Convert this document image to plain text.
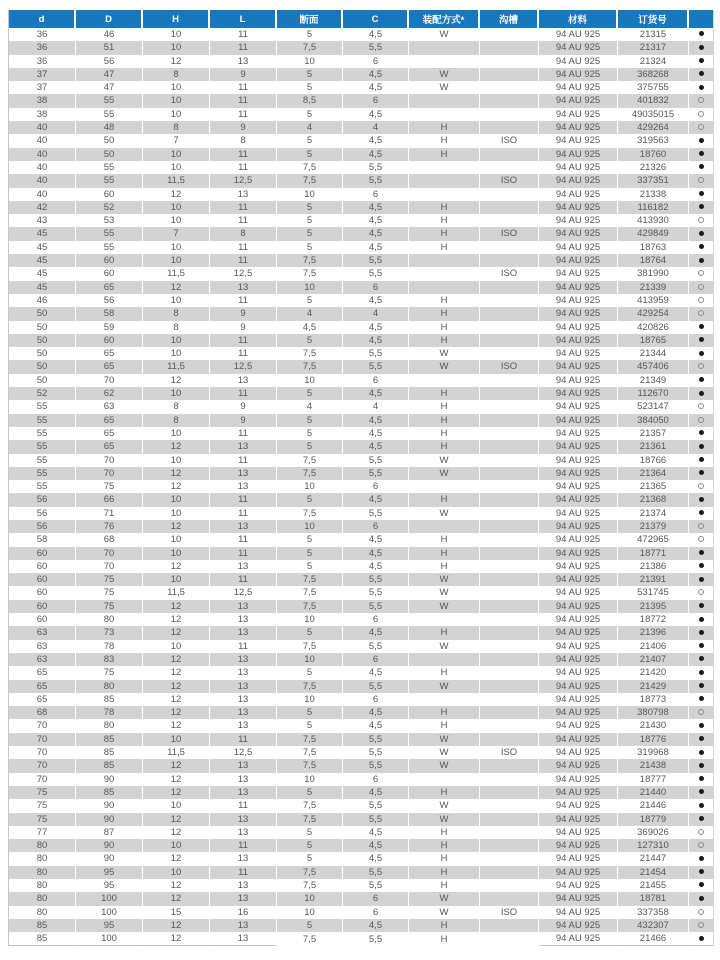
d	D	H	L	断面	C	装配方式*	沟槽	材料	订货号	
36	46	10	11	5	4,5	W		94 AU 925	21315	
36	51	10	11	7,5	5,5			94 AU 925	21317	
36	56	12	13	10	6			94 AU 925	21324	
37	47	8	9	5	4,5	W		94 AU 925	368268	
37	47	10	11	5	4,5	W		94 AU 925	375755	
38	55	10	11	8,5	6			94 AU 925	401832	
38	55	10	11	5	4,5			94 AU 925	49035015	
40	48	8	9	4	4	H		94 AU 925	429264	
40	50	7	8	5	4,5	H	ISO	94 AU 925	319563	
40	50	10	11	5	4,5	H		94 AU 925	18760	
40	55	10	11	7,5	5,5			94 AU 925	21326	
40	55	11,5	12,5	7,5	5,5		ISO	94 AU 925	337351	
40	60	12	13	10	6			94 AU 925	21338	
42	52	10	11	5	4,5	H		94 AU 925	116182	
43	53	10	11	5	4,5	H		94 AU 925	413930	
45	55	7	8	5	4,5	H	ISO	94 AU 925	429849	
45	55	10	11	5	4,5	H		94 AU 925	18763	
45	60	10	11	7,5	5,5			94 AU 925	18764	
45	60	11,5	12,5	7,5	5,5		ISO	94 AU 925	381990	
45	65	12	13	10	6			94 AU 925	21339	
46	56	10	11	5	4,5	H		94 AU 925	413959	
50	58	8	9	4	4	H		94 AU 925	429254	
50	59	8	9	4,5	4,5	H		94 AU 925	420826	
50	60	10	11	5	4,5	H		94 AU 925	18765	
50	65	10	11	7,5	5,5	W		94 AU 925	21344	
50	65	11,5	12,5	7,5	5,5	W	ISO	94 AU 925	457406	
50	70	12	13	10	6			94 AU 925	21349	
52	62	10	11	5	4,5	H		94 AU 925	112670	
55	63	8	9	4	4	H		94 AU 925	523147	
55	65	8	9	5	4,5	H		94 AU 925	384050	
55	65	10	11	5	4,5	H		94 AU 925	21357	
55	65	12	13	5	4,5	H		94 AU 925	21361	
55	70	10	11	7,5	5,5	W		94 AU 925	18766	
55	70	12	13	7,5	5,5	W		94 AU 925	21364	
55	75	12	13	10	6			94 AU 925	21365	
56	66	10	11	5	4,5	H		94 AU 925	21368	
56	71	10	11	7,5	5,5	W		94 AU 925	21374	
56	76	12	13	10	6			94 AU 925	21379	
58	68	10	11	5	4,5	H		94 AU 925	472965	
60	70	10	11	5	4,5	H		94 AU 925	18771	
60	70	12	13	5	4,5	H		94 AU 925	21386	
60	75	10	11	7,5	5,5	W		94 AU 925	21391	
60	75	11,5	12,5	7,5	5,5	W		94 AU 925	531745	
60	75	12	13	7,5	5,5	W		94 AU 925	21395	
60	80	12	13	10	6			94 AU 925	18772	
63	73	12	13	5	4,5	H		94 AU 925	21396	
63	78	10	11	7,5	5,5	W		94 AU 925	21406	
63	83	12	13	10	6			94 AU 925	21407	
65	75	12	13	5	4,5	H		94 AU 925	21420	
65	80	12	13	7,5	5,5	W		94 AU 925	21429	
65	85	12	13	10	6			94 AU 925	18773	
68	78	12	13	5	4,5	H		94 AU 925	380798	
70	80	12	13	5	4,5	H		94 AU 925	21430	
70	85	10	11	7,5	5,5	W		94 AU 925	18776	
70	85	11,5	12,5	7,5	5,5	W	ISO	94 AU 925	319968	
70	85	12	13	7,5	5,5	W		94 AU 925	21438	
70	90	12	13	10	6			94 AU 925	18777	
75	85	12	13	5	4,5	H		94 AU 925	21440	
75	90	10	11	7,5	5,5	W		94 AU 925	21446	
75	90	12	13	7,5	5,5	W		94 AU 925	18779	
77	87	12	13	5	4,5	H		94 AU 925	369026	
80	90	10	11	5	4,5	H		94 AU 925	127310	
80	90	12	13	5	4,5	H		94 AU 925	21447	
80	95	10	11	7,5	5,5	H		94 AU 925	21454	
80	95	12	13	7,5	5,5	H		94 AU 925	21455	
80	100	12	13	10	6	W		94 AU 925	18781	
80	100	15	16	10	6	W	ISO	94 AU 925	337358	
85	95	12	13	5	4,5	H		94 AU 925	432307	
85	100	12	13	7,5	5,5	H		94 AU 925	21466	
